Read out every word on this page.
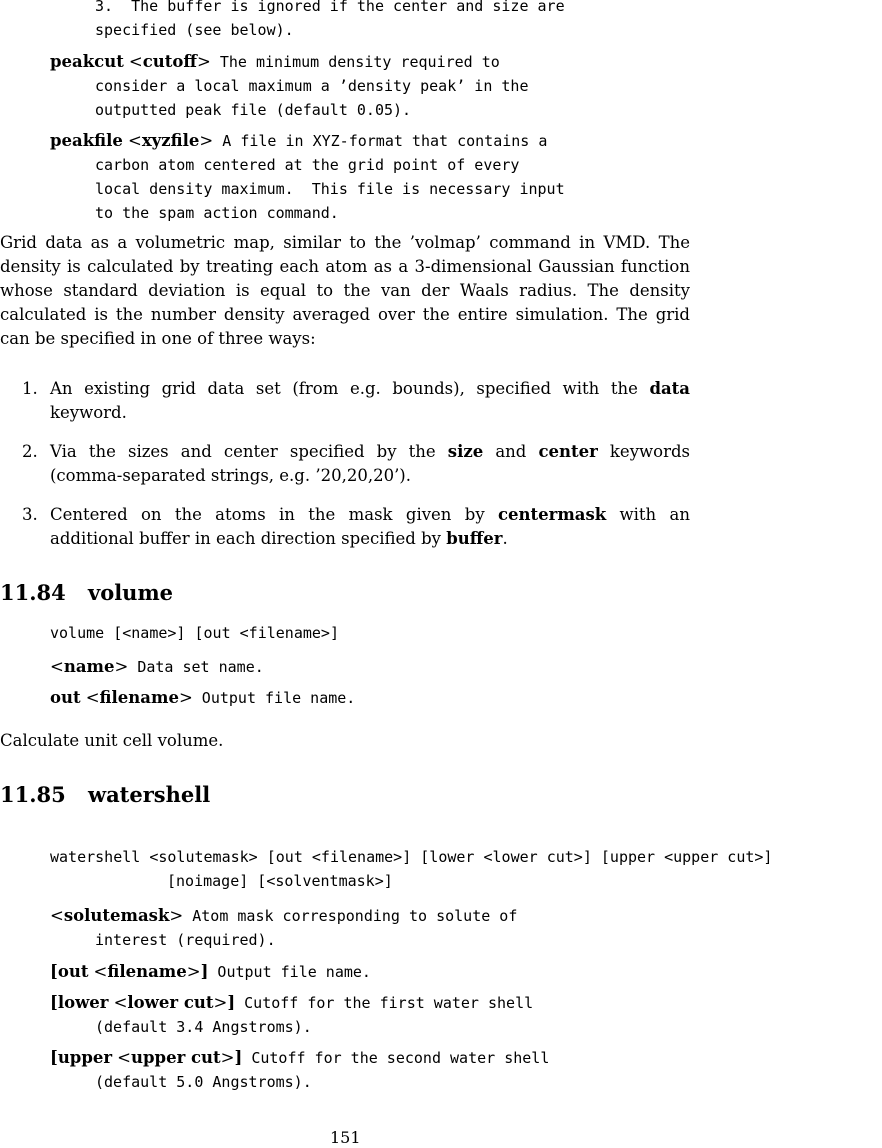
3.  The buffer is ignored if the center and size are
specified (see below).
peakcut <cutoff> The minimum density required to
consider a local maximum a ’density peak’ in the
outputted peak file (default 0.05).
peakfile <xyzfile> A file in XYZ-format that contains a
carbon atom centered at the grid point of every
local density maximum.  This file is necessary input
to the spam action command.

Grid data as a volumetric map, similar to the ’volmap’ command in VMD. The density is calculated by treating each atom as a 3-dimensional Gaussian function whose standard deviation is equal to the van der Waals radius. The density calculated is the number density averaged over the entire simulation. The grid can be specified in one of three ways:

1. An existing grid data set (from e.g. bounds), specified with the data keyword.
2. Via the sizes and center specified by the size and center keywords (comma-separated strings, e.g. ’20,20,20’).
3. Centered on the atoms in the mask given by centermask with an additional buffer in each direction specified by buffer.
11.84 volume
volume [<name>] [out <filename>]
<name> Data set name.
out <filename> Output file name.
Calculate unit cell volume.
11.85 watershell
watershell <solutemask> [out <filename>] [lower <lower cut>] [upper <upper cut>]
[noimage] [<solventmask>]
<solutemask> Atom mask corresponding to solute of
interest (required).
[out <filename>] Output file name.
[lower <lower cut>] Cutoff for the first water shell
(default 3.4 Angstroms).
[upper <upper cut>] Cutoff for the second water shell
(default 5.0 Angstroms).
151
